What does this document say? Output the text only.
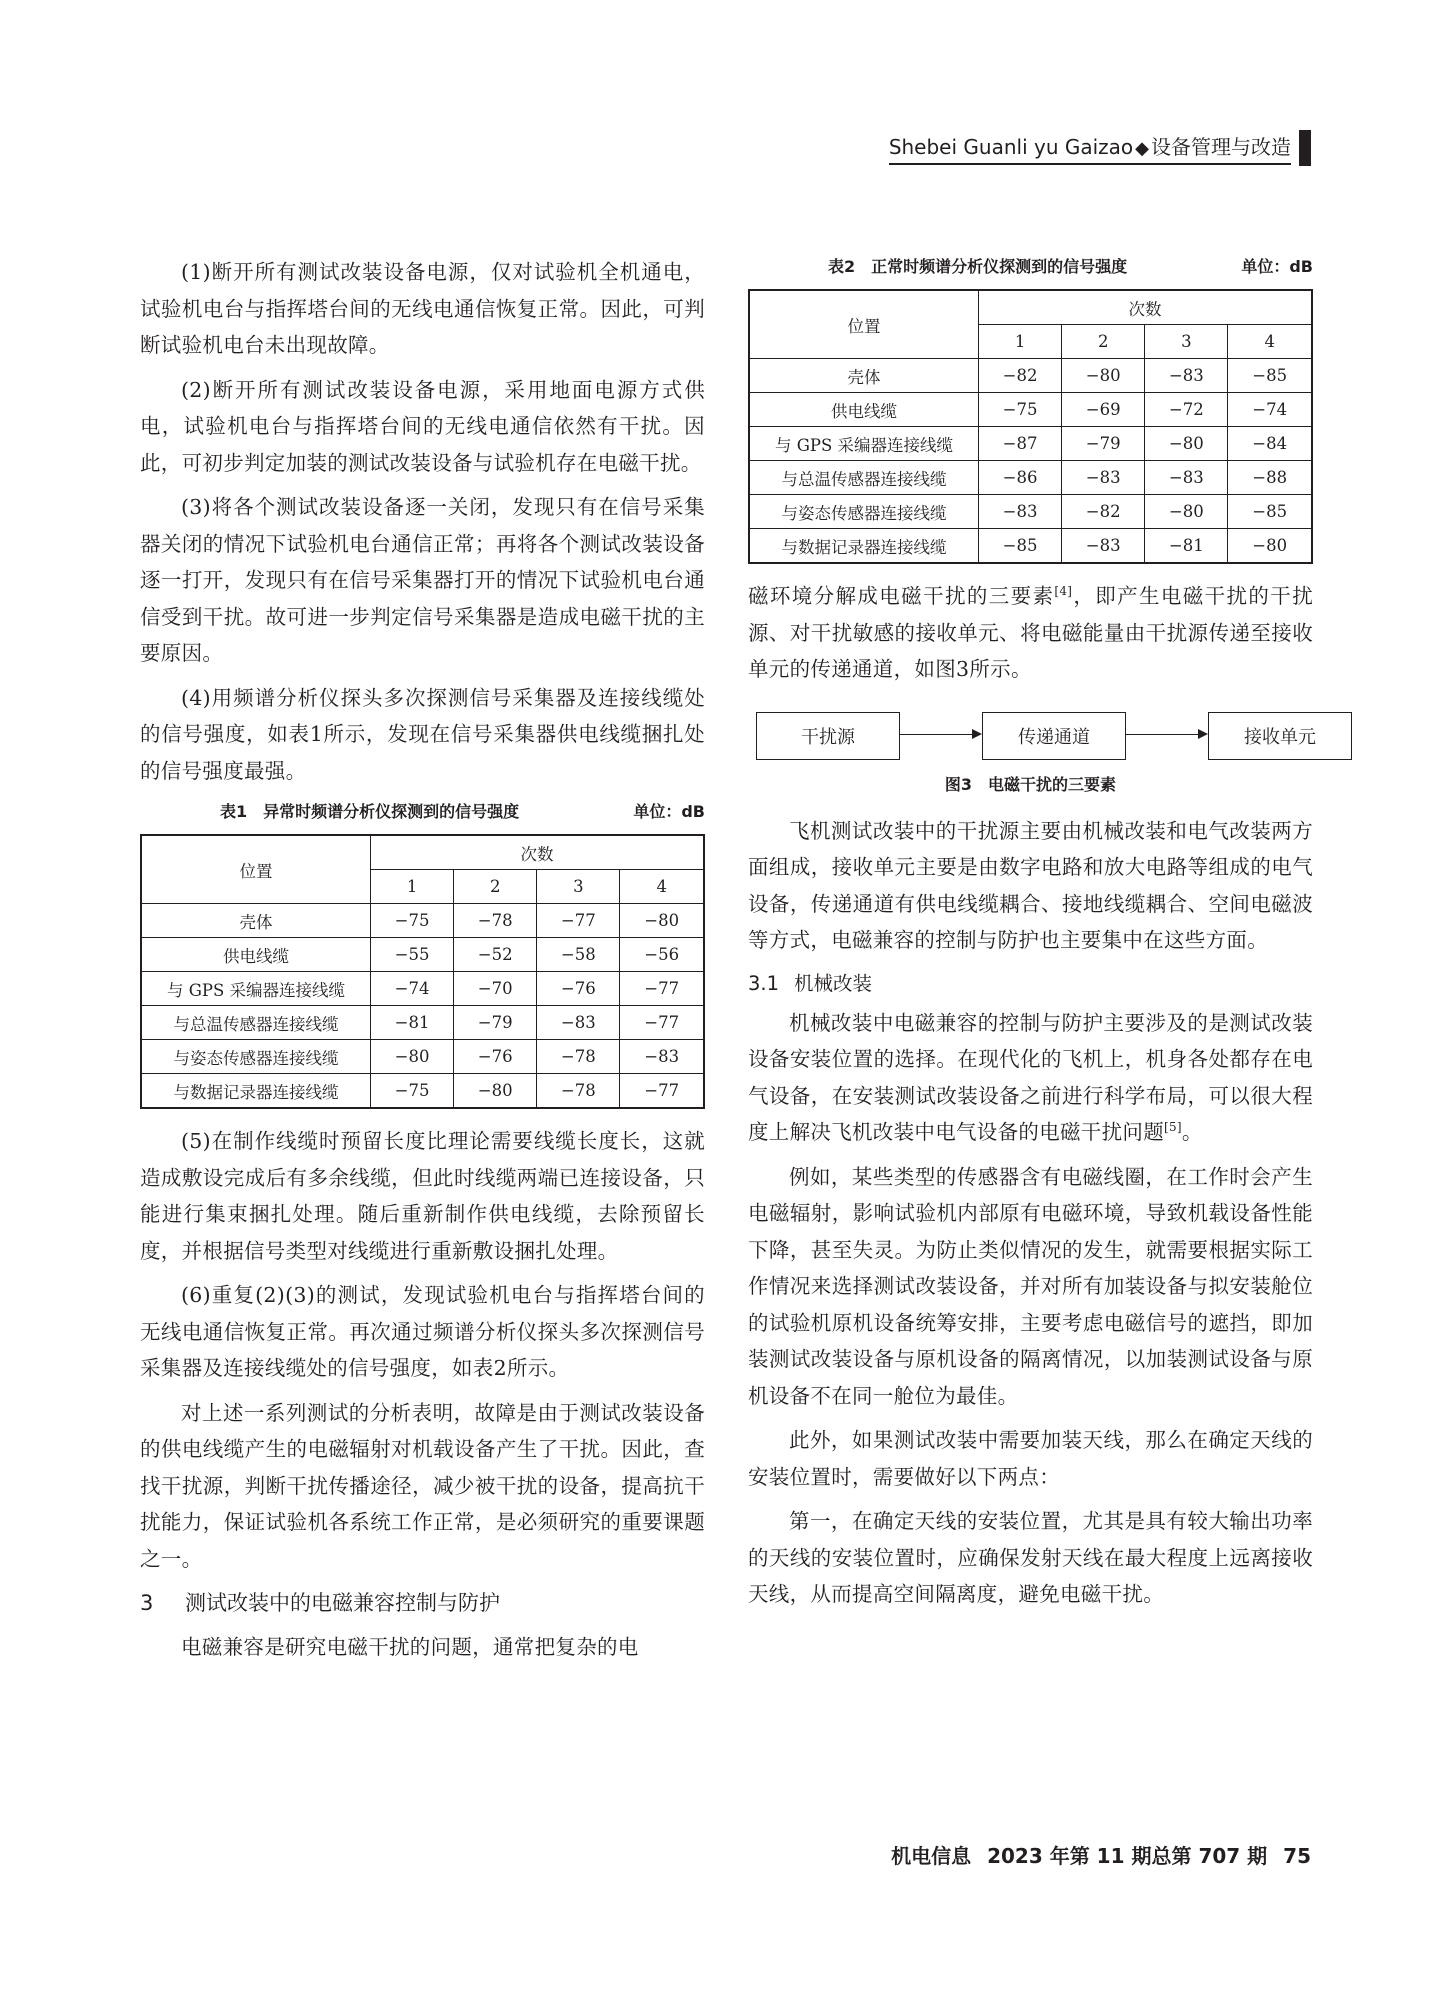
Shebei Guanli yu Gaizao ◆ 设备管理与改造

(1)断开所有测试改装设备电源，仅对试验机全机通电，试验机电台与指挥塔台间的无线电通信恢复正常。因此，可判断试验机电台未出现故障。

(2)断开所有测试改装设备电源，采用地面电源方式供电，试验机电台与指挥塔台间的无线电通信依然有干扰。因此，可初步判定加装的测试改装设备与试验机存在电磁干扰。

(3)将各个测试改装设备逐一关闭，发现只有在信号采集器关闭的情况下试验机电台通信正常；再将各个测试改装设备逐一打开，发现只有在信号采集器打开的情况下试验机电台通信受到干扰。故可进一步判定信号采集器是造成电磁干扰的主要原因。

(4)用频谱分析仪探头多次探测信号采集器及连接线缆处的信号强度，如表1所示，发现在信号采集器供电线缆捆扎处的信号强度最强。

表1　异常时频谱分析仪探测到的信号强度	单位：dB
位置	次数			
	1	2	3	4
壳体	−75	−78	−77	−80
供电线缆	−55	−52	−58	−56
与 GPS 采编器连接线缆	−74	−70	−76	−77
与总温传感器连接线缆	−81	−79	−83	−77
与姿态传感器连接线缆	−80	−76	−78	−83
与数据记录器连接线缆	−75	−80	−78	−77

(5)在制作线缆时预留长度比理论需要线缆长度长，这就造成敷设完成后有多余线缆，但此时线缆两端已连接设备，只能进行集束捆扎处理。随后重新制作供电线缆，去除预留长度，并根据信号类型对线缆进行重新敷设捆扎处理。

(6)重复(2)(3)的测试，发现试验机电台与指挥塔台间的无线电通信恢复正常。再次通过频谱分析仪探头多次探测信号采集器及连接线缆处的信号强度，如表2所示。

对上述一系列测试的分析表明，故障是由于测试改装设备的供电线缆产生的电磁辐射对机载设备产生了干扰。因此，查找干扰源，判断干扰传播途径，减少被干扰的设备，提高抗干扰能力，保证试验机各系统工作正常，是必须研究的重要课题之一。

3 测试改装中的电磁兼容控制与防护

电磁兼容是研究电磁干扰的问题，通常把复杂的电

表2　正常时频谱分析仪探测到的信号强度	单位：dB
位置	次数			
	1	2	3	4
壳体	−82	−80	−83	−85
供电线缆	−75	−69	−72	−74
与 GPS 采编器连接线缆	−87	−79	−80	−84
与总温传感器连接线缆	−86	−83	−83	−88
与姿态传感器连接线缆	−83	−82	−80	−85
与数据记录器连接线缆	−85	−83	−81	−80

磁环境分解成电磁干扰的三要素[4]，即产生电磁干扰的干扰源、对干扰敏感的接收单元、将电磁能量由干扰源传递至接收单元的传递通道，如图3所示。

干扰源	传递通道	接收单元
图3　电磁干扰的三要素

飞机测试改装中的干扰源主要由机械改装和电气改装两方面组成，接收单元主要是由数字电路和放大电路等组成的电气设备，传递通道有供电线缆耦合、接地线缆耦合、空间电磁波等方式，电磁兼容的控制与防护也主要集中在这些方面。

3.1 机械改装

机械改装中电磁兼容的控制与防护主要涉及的是测试改装设备安装位置的选择。在现代化的飞机上，机身各处都存在电气设备，在安装测试改装设备之前进行科学布局，可以很大程度上解决飞机改装中电气设备的电磁干扰问题[5]。

例如，某些类型的传感器含有电磁线圈，在工作时会产生电磁辐射，影响试验机内部原有电磁环境，导致机载设备性能下降，甚至失灵。为防止类似情况的发生，就需要根据实际工作情况来选择测试改装设备，并对所有加装设备与拟安装舱位的试验机原机设备统筹安排，主要考虑电磁信号的遮挡，即加装测试改装设备与原机设备的隔离情况，以加装测试设备与原机设备不在同一舱位为最佳。

此外，如果测试改装中需要加装天线，那么在确定天线的安装位置时，需要做好以下两点：

第一，在确定天线的安装位置，尤其是具有较大输出功率的天线的安装位置时，应确保发射天线在最大程度上远离接收天线，从而提高空间隔离度，避免电磁干扰。

机电信息 2023 年第 11 期总第 707 期 75
